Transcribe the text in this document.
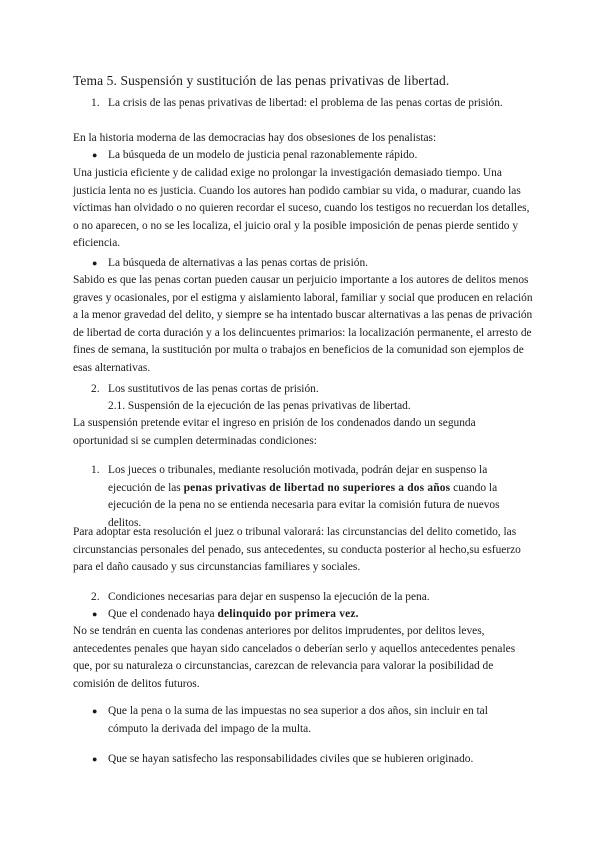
Tema 5. Suspensión y sustitución de las penas privativas de libertad.
1. La crisis de las penas privativas de libertad: el problema de las penas cortas de prisión.
En la historia moderna de las democracias hay dos obsesiones de los penalistas:
● La búsqueda de un modelo de justicia penal razonablemente rápido.
Una justicia eficiente y de calidad exige no prolongar la investigación demasiado tiempo. Una justicia lenta no es justicia. Cuando los autores han podido cambiar su vida, o madurar, cuando las víctimas han olvidado o no quieren recordar el suceso, cuando los testigos no recuerdan los detalles, o no aparecen, o no se les localiza, el juicio oral y la posible imposición de penas pierde sentido y eficiencia.
● La búsqueda de alternativas a las penas cortas de prisión.
Sabido es que las penas cortan pueden causar un perjuicio importante a los autores de delitos menos graves y ocasionales, por el estigma y aislamiento laboral, familiar y social que producen en relación a la menor gravedad del delito, y siempre se ha intentado buscar alternativas a las penas de privación de libertad de corta duración y a los delincuentes primarios: la localización permanente, el arresto de fines de semana, la sustitución por multa o trabajos en beneficios de la comunidad son ejemplos de esas alternativas.
2. Los sustitutivos de las penas cortas de prisión.
2.1. Suspensión de la ejecución de las penas privativas de libertad.
La suspensión pretende evitar el ingreso en prisión de los condenados dando un segunda oportunidad si se cumplen determinadas condiciones:
1. Los jueces o tribunales, mediante resolución motivada, podrán dejar en suspenso la ejecución de las penas privativas de libertad no superiores a dos años cuando la ejecución de la pena no se entienda necesaria para evitar la comisión futura de nuevos delitos.
Para adoptar esta resolución el juez o tribunal valorará: las circunstancias del delito cometido, las circunstancias personales del penado, sus antecedentes, su conducta posterior al hecho,su esfuerzo para el daño causado y sus circunstancias familiares y sociales.
2. Condiciones necesarias para dejar en suspenso la ejecución de la pena.
● Que el condenado haya delinquido por primera vez.
No se tendrán en cuenta las condenas anteriores por delitos imprudentes, por delitos leves, antecedentes penales que hayan sido cancelados o deberían serlo y aquellos antecedentes penales que, por su naturaleza o circunstancias, carezcan de relevancia para valorar la posibilidad de comisión de delitos futuros.
● Que la pena o la suma de las impuestas no sea superior a dos años, sin incluir en tal cómputo la derivada del impago de la multa.
● Que se hayan satisfecho las responsabilidades civiles que se hubieren originado.
